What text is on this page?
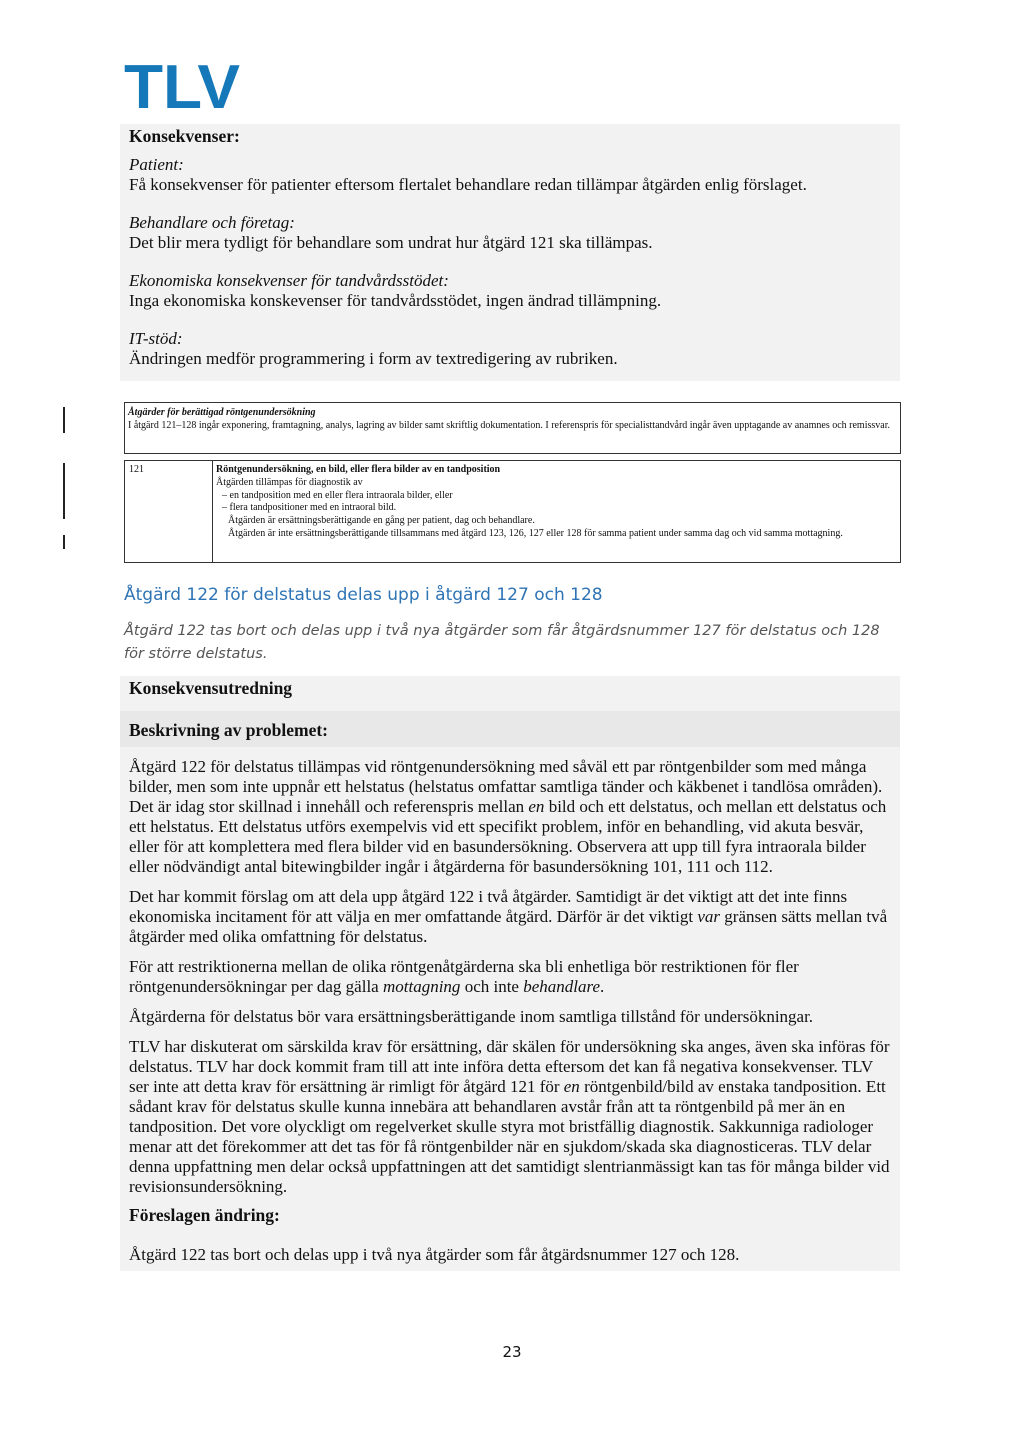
TLV

Konsekvenser:

Patient:

Få konsekvenser för patienter eftersom flertalet behandlare redan tillämpar åtgärden enlig förslaget.

Behandlare och företag:

Det blir mera tydligt för behandlare som undrat hur åtgärd 121 ska tillämpas.

Ekonomiska konsekvenser för tandvårdsstödet:

Inga ekonomiska konskevenser för tandvårdsstödet, ingen ändrad tillämpning.

IT-stöd:

Ändringen medför programmering i form av textredigering av rubriken.

Åtgärder för berättigad röntgenundersökning
I åtgärd 121–128 ingår exponering, framtagning, analys, lagring av bilder samt skriftlig dokumentation. I referenspris för specialisttandvård ingår även upptagande av anamnes och remissvar.
121	Röntgenundersökning, en bild, eller flera bilder av en tandposition
Åtgärden tillämpas för diagnostik av
– en tandposition med en eller flera intraorala bilder, eller
– flera tandpositioner med en intraoral bild.
Åtgärden är ersättningsberättigande en gång per patient, dag och behandlare.
Åtgärden är inte ersättningsberättigande tillsammans med åtgärd 123, 126, 127 eller 128 för samma patient under samma dag och vid samma mottagning.
Åtgärd 122 för delstatus delas upp i åtgärd 127 och 128
Åtgärd 122 tas bort och delas upp i två nya åtgärder som får åtgärdsnummer 127 för delstatus och 128 för större delstatus.
Konsekvensutredning
Beskrivning av problemet:

Åtgärd 122 för delstatus tillämpas vid röntgenundersökning med såväl ett par röntgenbilder som med många bilder, men som inte uppnår ett helstatus (helstatus omfattar samtliga tänder och käkbenet i tandlösa områden). Det är idag stor skillnad i innehåll och referenspris mellan en bild och ett delstatus, och mellan ett delstatus och ett helstatus. Ett delstatus utförs exempelvis vid ett specifikt problem, inför en behandling, vid akuta besvär, eller för att komplettera med flera bilder vid en basundersökning. Observera att upp till fyra intraorala bilder eller nödvändigt antal bitewingbilder ingår i åtgärderna för basundersökning 101, 111 och 112.

Det har kommit förslag om att dela upp åtgärd 122 i två åtgärder. Samtidigt är det viktigt att det inte finns ekonomiska incitament för att välja en mer omfattande åtgärd. Därför är det viktigt var gränsen sätts mellan två åtgärder med olika omfattning för delstatus.

För att restriktionerna mellan de olika röntgenåtgärderna ska bli enhetliga bör restriktionen för fler röntgenundersökningar per dag gälla mottagning och inte behandlare.

Åtgärderna för delstatus bör vara ersättningsberättigande inom samtliga tillstånd för undersökningar.

TLV har diskuterat om särskilda krav för ersättning, där skälen för undersökning ska anges, även ska införas för delstatus. TLV har dock kommit fram till att inte införa detta eftersom det kan få negativa konsekvenser. TLV ser inte att detta krav för ersättning är rimligt för åtgärd 121 för en röntgenbild/bild av enstaka tandposition. Ett sådant krav för delstatus skulle kunna innebära att behandlaren avstår från att ta röntgenbild på mer än en tandposition. Det vore olyckligt om regelverket skulle styra mot bristfällig diagnostik. Sakkunniga radiologer menar att det förekommer att det tas för få röntgenbilder när en sjukdom/skada ska diagnosticeras. TLV delar denna uppfattning men delar också uppfattningen att det samtidigt slentrianmässigt kan tas för många bilder vid revisionsundersökning.

Föreslagen ändring:
Åtgärd 122 tas bort och delas upp i två nya åtgärder som får åtgärdsnummer 127 och 128.
23
